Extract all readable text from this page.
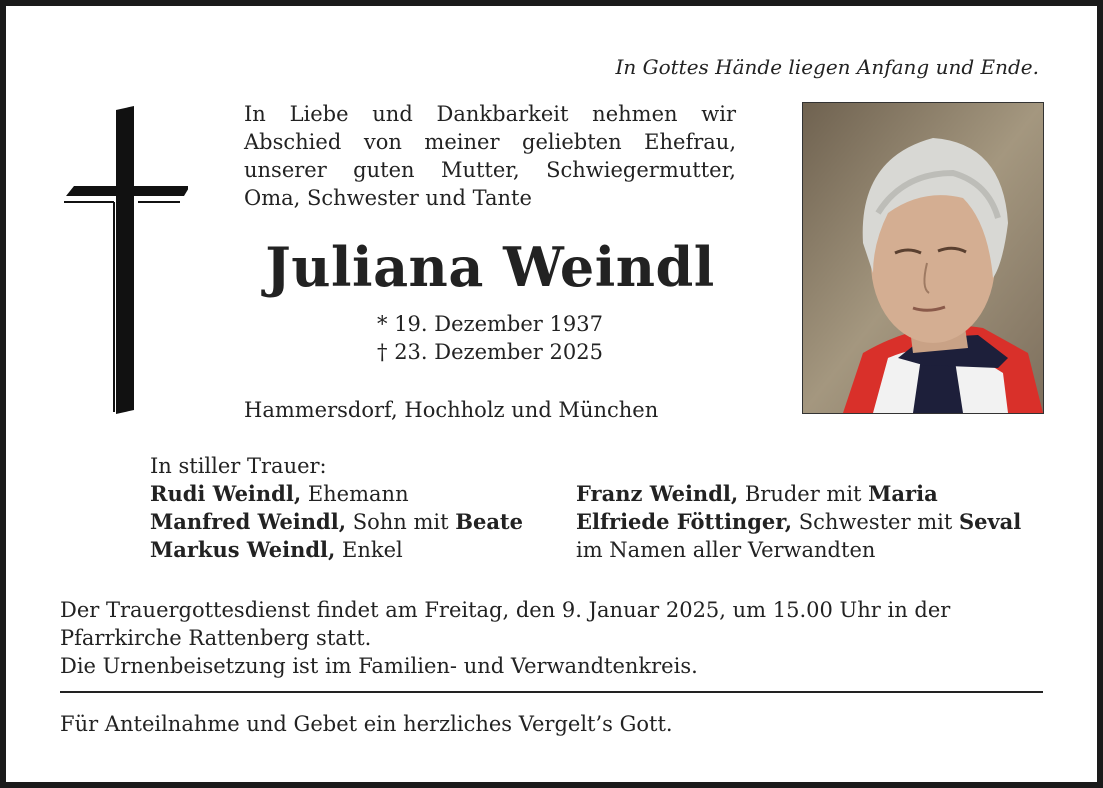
In Gottes Hände liegen Anfang und Ende.
In Liebe und Dankbarkeit nehmen wir
Abschied von meiner geliebten Ehefrau,
unserer guten Mutter, Schwiegermutter,
Oma, Schwester und Tante
Juliana Weindl
* 19. Dezember 1937
† 23. Dezember 2025
Hammersdorf, Hochholz und München
In stiller Trauer:
Rudi Weindl, Ehemann
Manfred Weindl, Sohn mit Beate
Markus Weindl, Enkel
Franz Weindl, Bruder mit Maria
Elfriede Föttinger, Schwester mit Seval
im Namen aller Verwandten
Der Trauergottesdienst findet am Freitag, den 9. Januar 2025, um 15.00 Uhr in der
Pfarrkirche Rattenberg statt.
Die Urnenbeisetzung ist im Familien- und Verwandtenkreis.
Für Anteilnahme und Gebet ein herzliches Vergelt’s Gott.
